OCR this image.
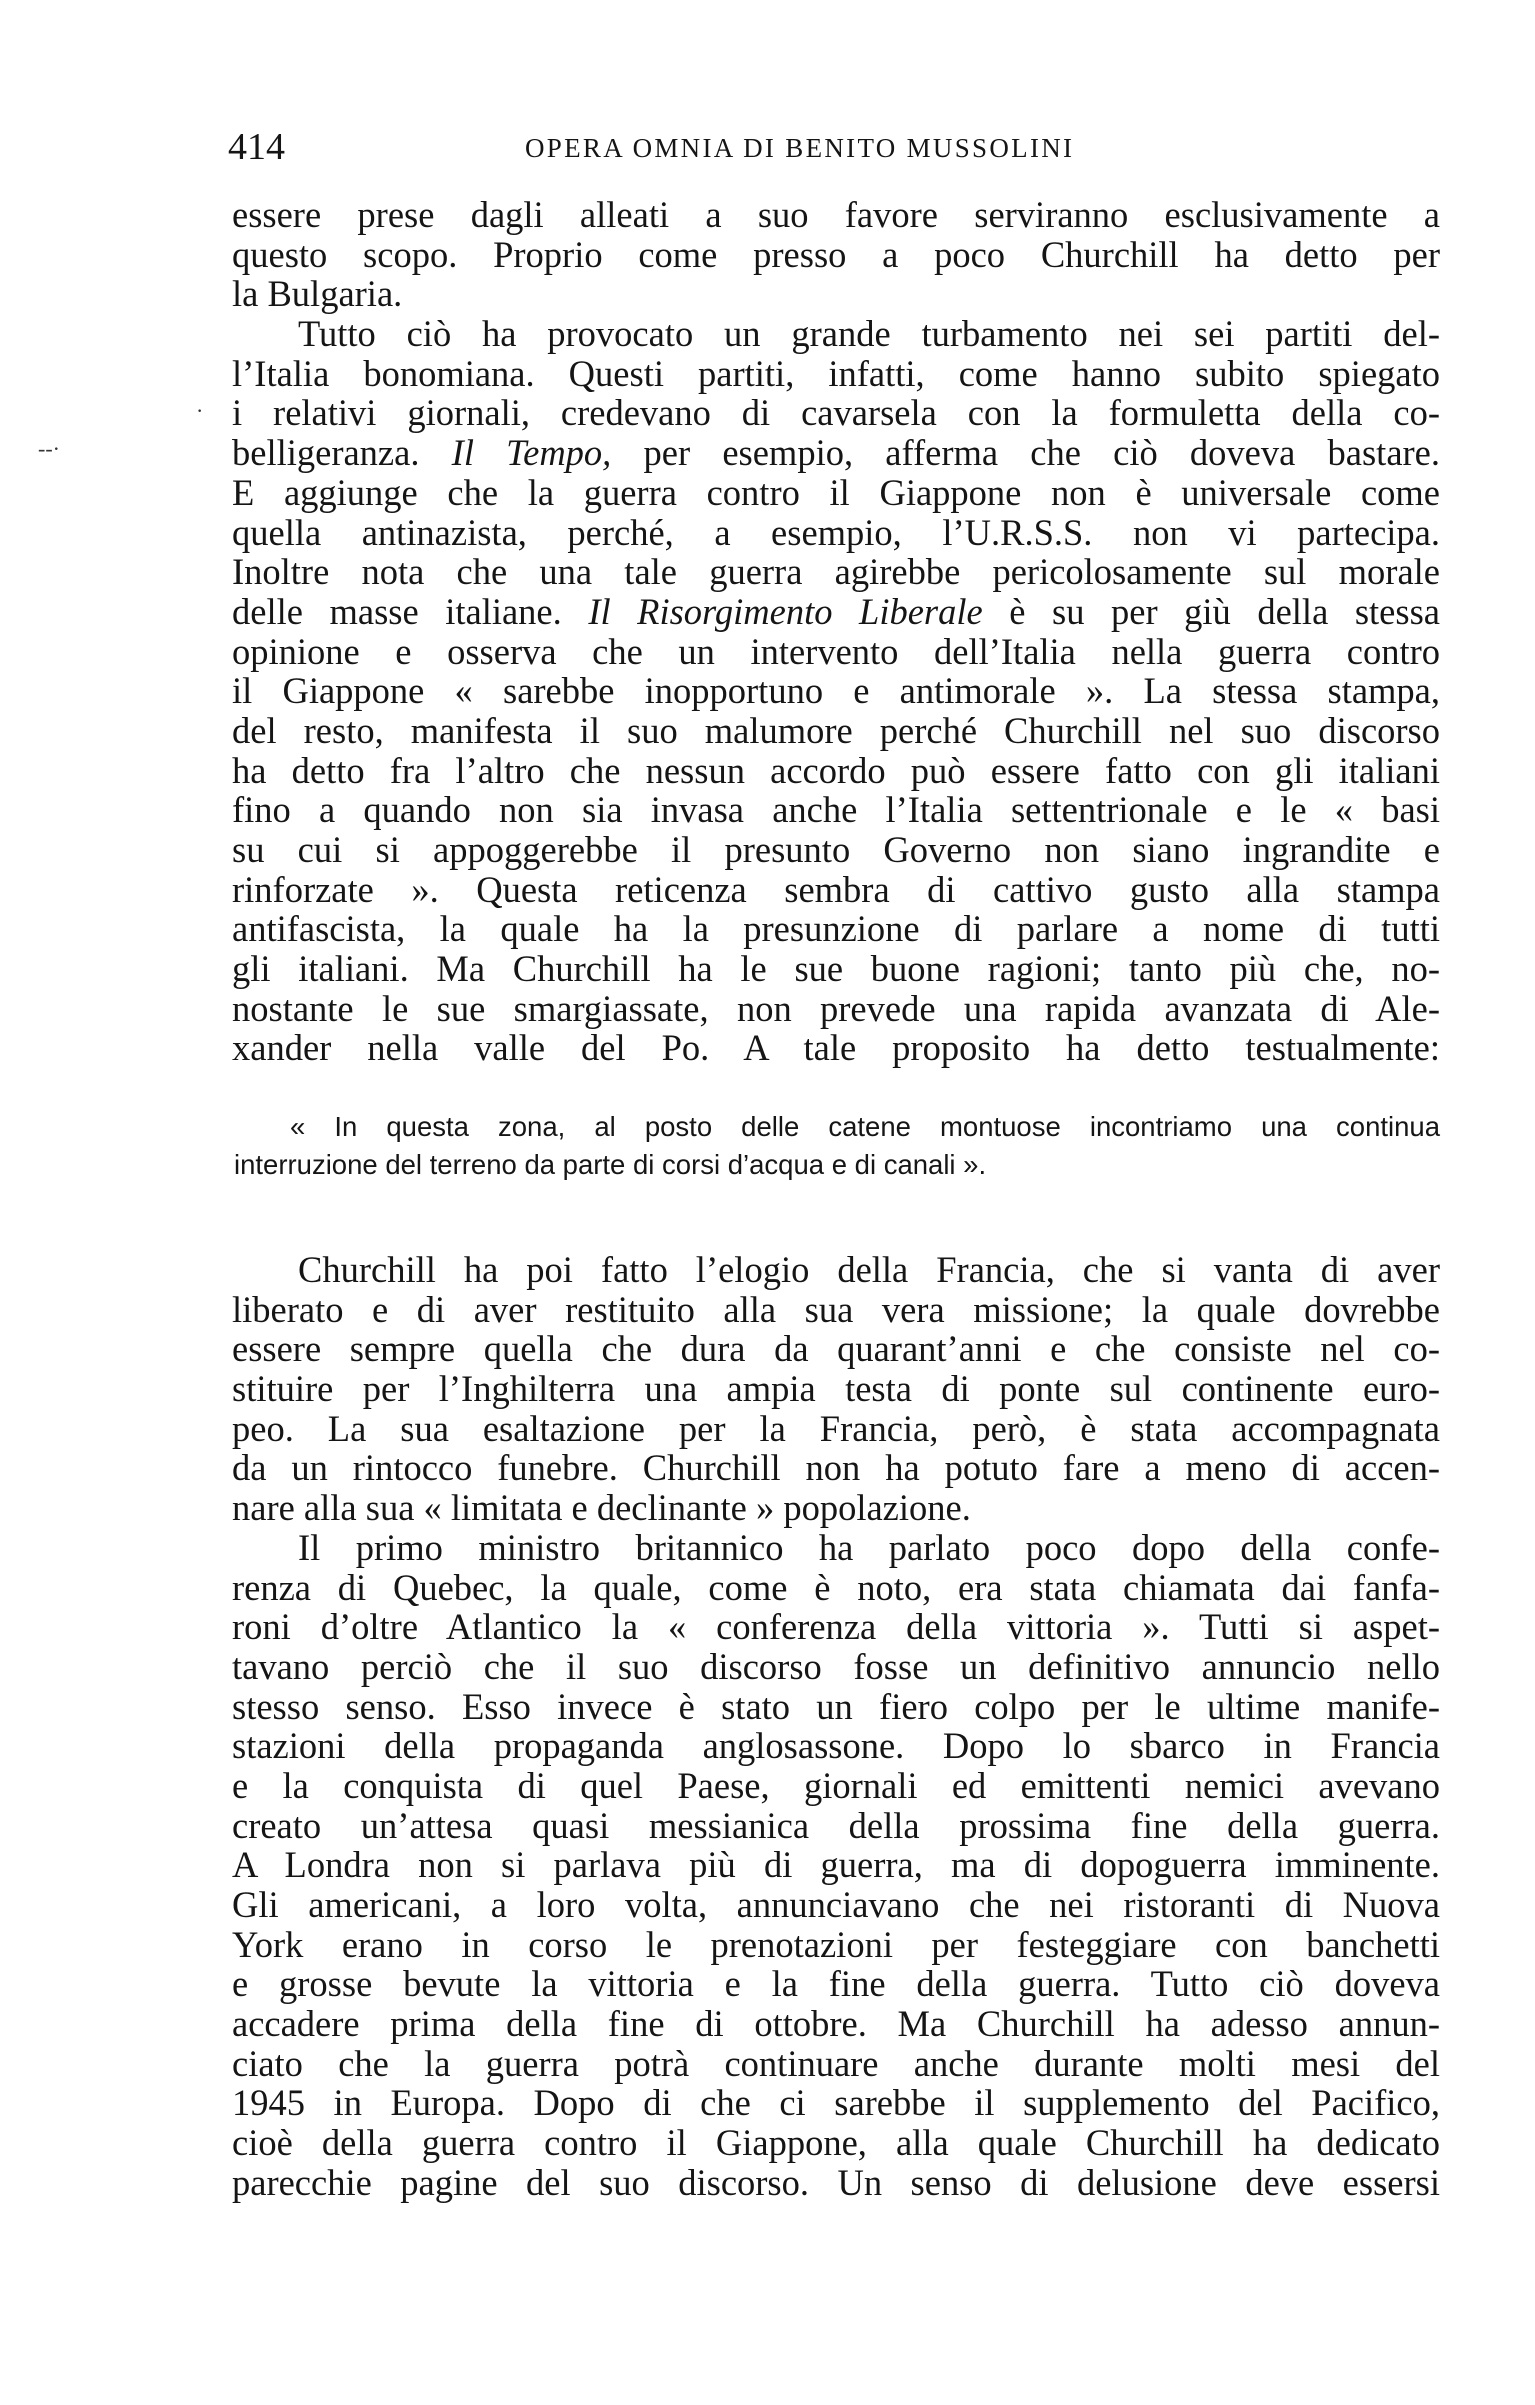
414	OPERA OMNIA DI BENITO MUSSOLINI
·
--·
essere prese dagli alleati a suo favore serviranno esclusivamente a
questo scopo. Proprio come presso a poco Churchill ha detto per
la Bulgaria.
Tutto ciò ha provocato un grande turbamento nei sei partiti del-
l’Italia bonomiana. Questi partiti, infatti, come hanno subito spiegato
i relativi giornali, credevano di cavarsela con la formuletta della co-
belligeranza. Il Tempo, per esempio, afferma che ciò doveva bastare.
E aggiunge che la guerra contro il Giappone non è universale come
quella antinazista, perché, a esempio, l’U.R.S.S. non vi partecipa.
Inoltre nota che una tale guerra agirebbe pericolosamente sul morale
delle masse italiane. Il Risorgimento Liberale è su per giù della stessa
opinione e osserva che un intervento dell’Italia nella guerra contro
il Giappone « sarebbe inopportuno e antimorale ». La stessa stampa,
del resto, manifesta il suo malumore perché Churchill nel suo discorso
ha detto fra l’altro che nessun accordo può essere fatto con gli italiani
fino a quando non sia invasa anche l’Italia settentrionale e le « basi
su cui si appoggerebbe il presunto Governo non siano ingrandite e
rinforzate ». Questa reticenza sembra di cattivo gusto alla stampa
antifascista, la quale ha la presunzione di parlare a nome di tutti
gli italiani. Ma Churchill ha le sue buone ragioni; tanto più che, no-
nostante le sue smargiassate, non prevede una rapida avanzata di Ale-
xander nella valle del Po. A tale proposito ha detto testualmente:
« In questa zona, al posto delle catene montuose incontriamo una continua
interruzione del terreno da parte di corsi d’acqua e di canali ».
Churchill ha poi fatto l’elogio della Francia, che si vanta di aver
liberato e di aver restituito alla sua vera missione; la quale dovrebbe
essere sempre quella che dura da quarant’anni e che consiste nel co-
stituire per l’Inghilterra una ampia testa di ponte sul continente euro-
peo. La sua esaltazione per la Francia, però, è stata accompagnata
da un rintocco funebre. Churchill non ha potuto fare a meno di accen-
nare alla sua « limitata e declinante » popolazione.
Il primo ministro britannico ha parlato poco dopo della confe-
renza di Quebec, la quale, come è noto, era stata chiamata dai fanfa-
roni d’oltre Atlantico la « conferenza della vittoria ». Tutti si aspet-
tavano perciò che il suo discorso fosse un definitivo annuncio nello
stesso senso. Esso invece è stato un fiero colpo per le ultime manife-
stazioni della propaganda anglosassone. Dopo lo sbarco in Francia
e la conquista di quel Paese, giornali ed emittenti nemici avevano
creato un’attesa quasi messianica della prossima fine della guerra.
A Londra non si parlava più di guerra, ma di dopoguerra imminente.
Gli americani, a loro volta, annunciavano che nei ristoranti di Nuova
York erano in corso le prenotazioni per festeggiare con banchetti
e grosse bevute la vittoria e la fine della guerra. Tutto ciò doveva
accadere prima della fine di ottobre. Ma Churchill ha adesso annun-
ciato che la guerra potrà continuare anche durante molti mesi del
1945 in Europa. Dopo di che ci sarebbe il supplemento del Pacifico,
cioè della guerra contro il Giappone, alla quale Churchill ha dedicato
parecchie pagine del suo discorso. Un senso di delusione deve essersi
